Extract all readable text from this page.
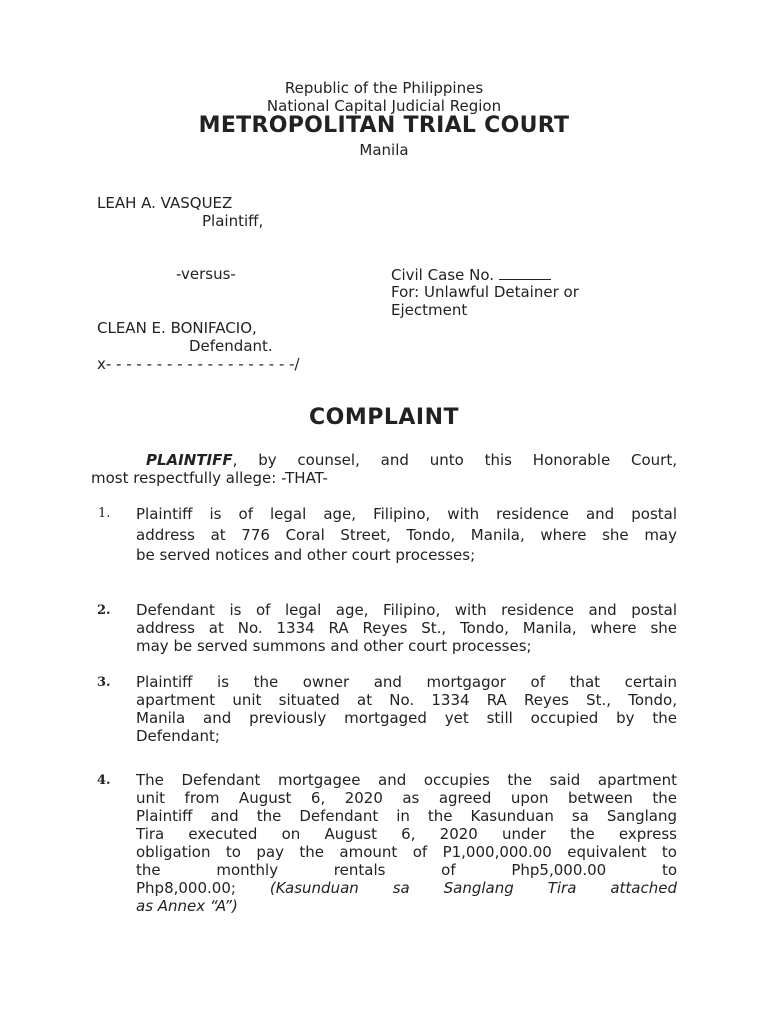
Republic of the Philippines
National Capital Judicial Region
METROPOLITAN TRIAL COURT
Manila
LEAH A. VASQUEZ
Plaintiff,
-versus-	Civil Case No.
For: Unlawful Detainer or
Ejectment
CLEAN E. BONIFACIO,
Defendant.
x- - - - - - - - - - - - - - - - - - -/
COMPLAINT
PLAINTIFF, by counsel, and unto this Honorable Court,
most respectfully allege: -THAT-
1. Plaintiff is of legal age, Filipino, with residence and postal
address at 776 Coral Street, Tondo, Manila, where she may
be served notices and other court processes;
2. Defendant is of legal age, Filipino, with residence and postal
address at No. 1334 RA Reyes St., Tondo, Manila, where she
may be served summons and other court processes;
3. Plaintiff is the owner and mortgagor of that certain
apartment unit situated at No. 1334 RA Reyes St., Tondo,
Manila and previously mortgaged yet still occupied by the
Defendant;
4. The Defendant mortgagee and occupies the said apartment
unit from August 6, 2020 as agreed upon between the
Plaintiff and the Defendant in the Kasunduan sa Sanglang
Tira executed on August 6, 2020 under the express
obligation to pay the amount of P1,000,000.00 equivalent to
the monthly rentals of Php5,000.00 to
Php8,000.00; (Kasunduan sa Sanglang Tira attached
as Annex “A”)
